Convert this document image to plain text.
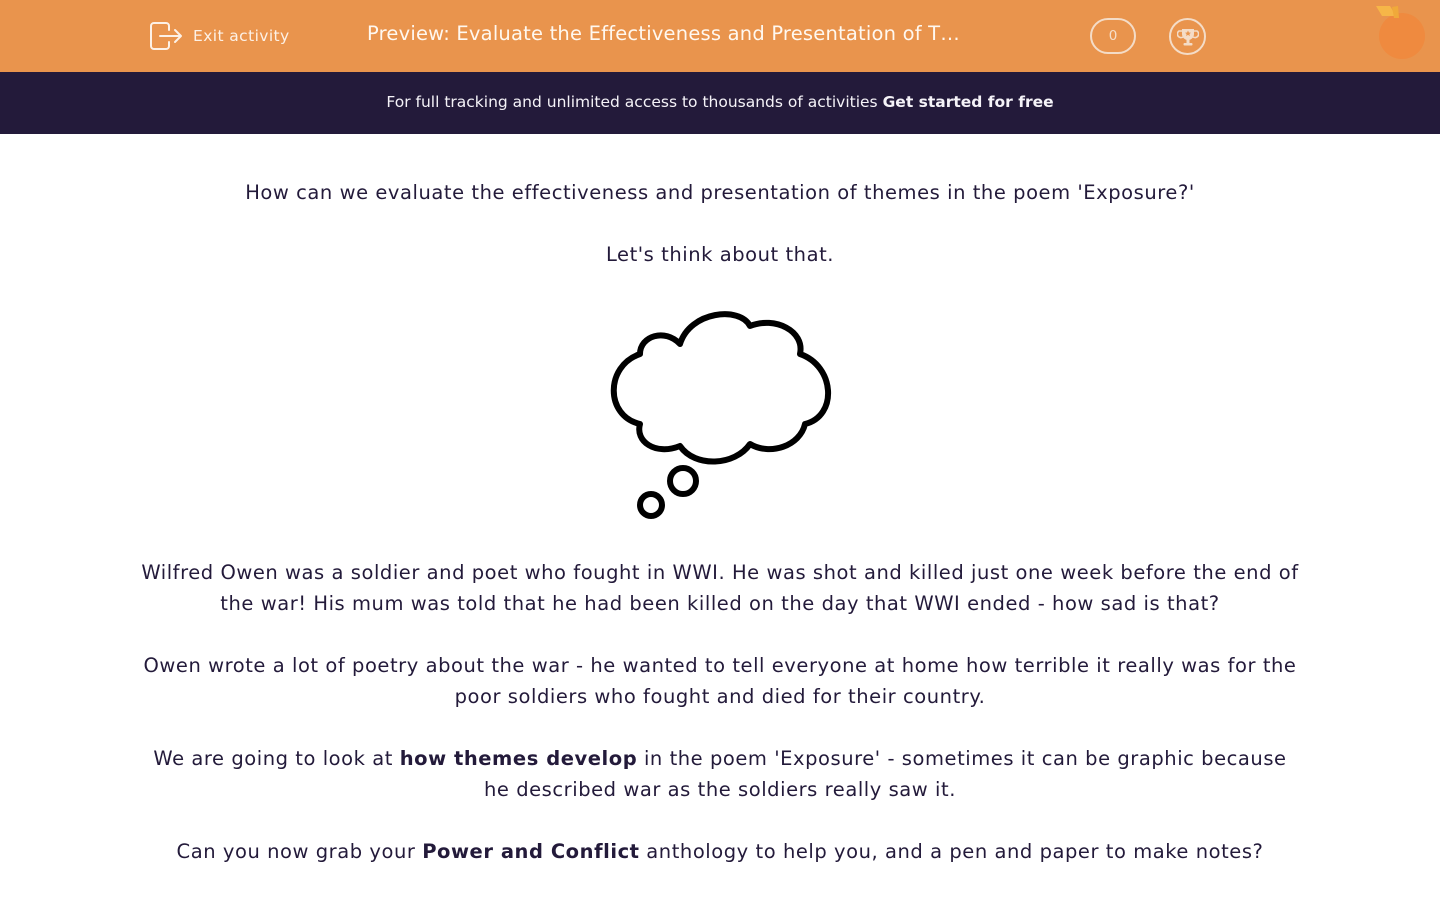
Exit activity	Preview: Evaluate the Effectiveness and Presentation of T…	0
For full tracking and unlimited access to thousands of activities Get started for free
How can we evaluate the effectiveness and presentation of themes in the poem 'Exposure?'
Let's think about that.
Wilfred Owen was a soldier and poet who fought in WWI. He was shot and killed just one week before the end of the war! His mum was told that he had been killed on the day that WWI ended - how sad is that?
Owen wrote a lot of poetry about the war - he wanted to tell everyone at home how terrible it really was for the poor soldiers who fought and died for their country.
We are going to look at how themes develop in the poem 'Exposure' - sometimes it can be graphic because he described war as the soldiers really saw it.
Can you now grab your Power and Conflict anthology to help you, and a pen and paper to make notes?
